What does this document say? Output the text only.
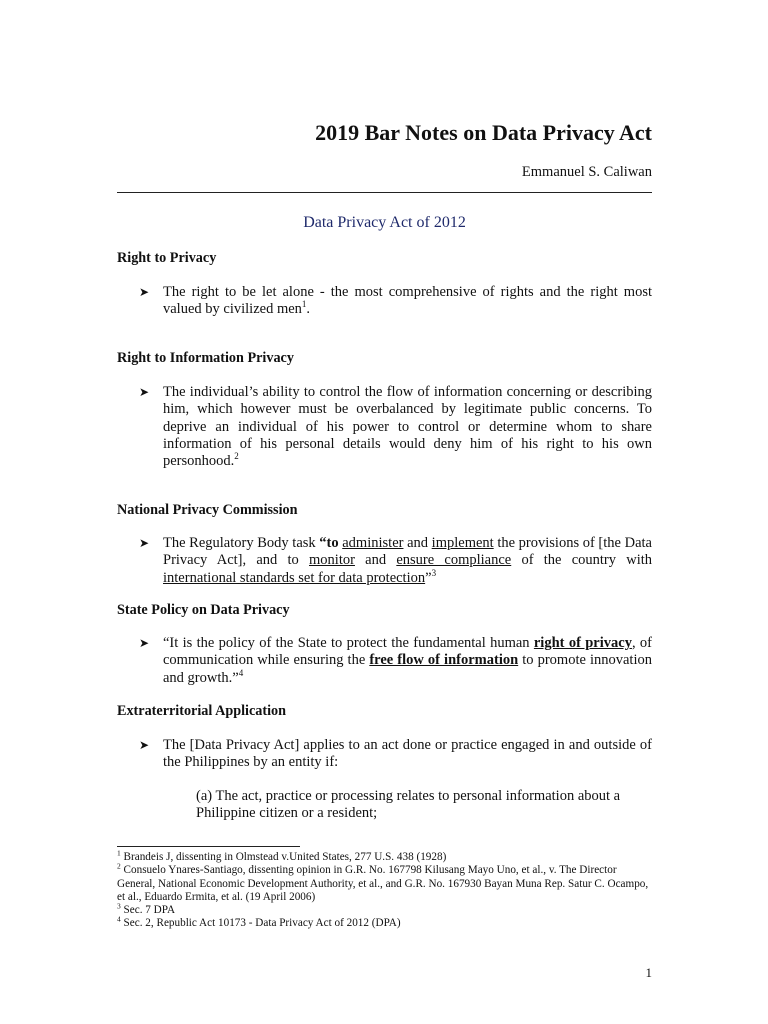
2019 Bar Notes on Data Privacy Act
Emmanuel S. Caliwan
Data Privacy Act of 2012
Right to Privacy
➤ The right to be let alone - the most comprehensive of rights and the right most valued by civilized men$^1$.
Right to Information Privacy
➤ The individual’s ability to control the flow of information concerning or describing him, which however must be overbalanced by legitimate public concerns. To deprive an individual of his power to control or determine whom to share information of his personal details would deny him of his right to his own personhood.$^2$
National Privacy Commission
➤ The Regulatory Body task “to administer and implement the provisions of [the Data Privacy Act], and to monitor and ensure compliance of the country with international standards set for data protection”$^3$
State Policy on Data Privacy
➤ “It is the policy of the State to protect the fundamental human right of privacy, of communication while ensuring the free flow of information to promote innovation and growth.”$^4$
Extraterritorial Application
➤ The [Data Privacy Act] applies to an act done or practice engaged in and outside of the Philippines by an entity if:
(a) The act, practice or processing relates to personal information about a Philippine citizen or a resident;
$^1$ Brandeis J, dissenting in Olmstead v.United States, 277 U.S. 438 (1928)
$^2$ Consuelo Ynares-Santiago, dissenting opinion in G.R. No. 167798 Kilusang Mayo Uno, et al., v. The Director General, National Economic Development Authority, et al., and G.R. No. 167930 Bayan Muna Rep. Satur C. Ocampo, et al., Eduardo Ermita, et al. (19 April 2006)
$^3$ Sec. 7 DPA
$^4$ Sec. 2, Republic Act 10173 - Data Privacy Act of 2012 (DPA)
1
